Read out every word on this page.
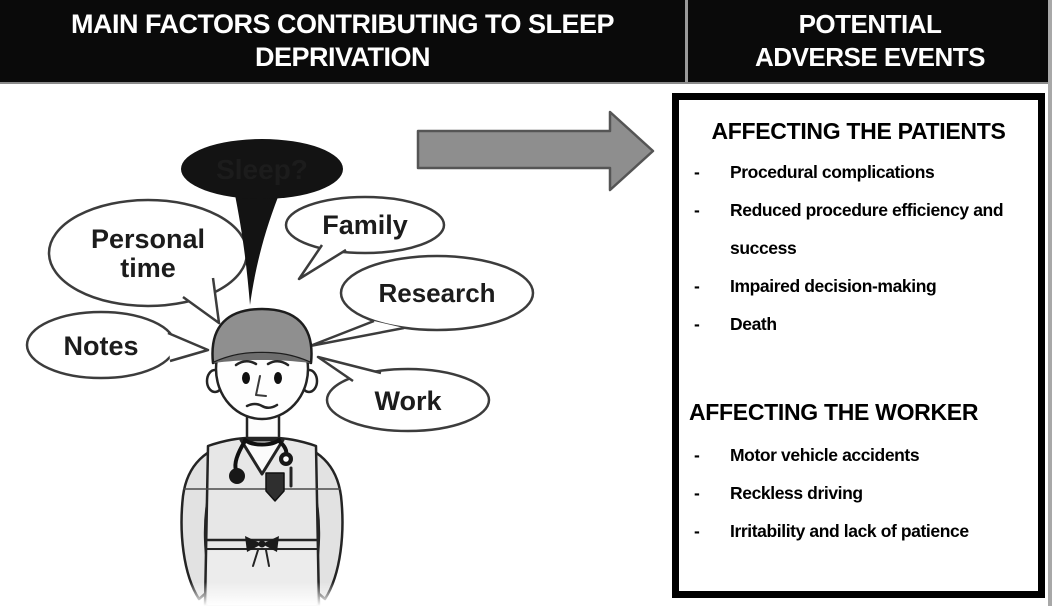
MAIN FACTORS CONTRIBUTING TO SLEEP DEPRIVATION
POTENTIAL
ADVERSE EVENTS
Personal
time
Family
Research
Notes
Work
Sleep?
AFFECTING THE PATIENTS
-	Procedural complications
-	Reduced procedure efficiency and success
-	Impaired decision-making
-	Death
AFFECTING THE WORKER
-	Motor vehicle accidents
-	Reckless driving
-	Irritability and lack of patience
